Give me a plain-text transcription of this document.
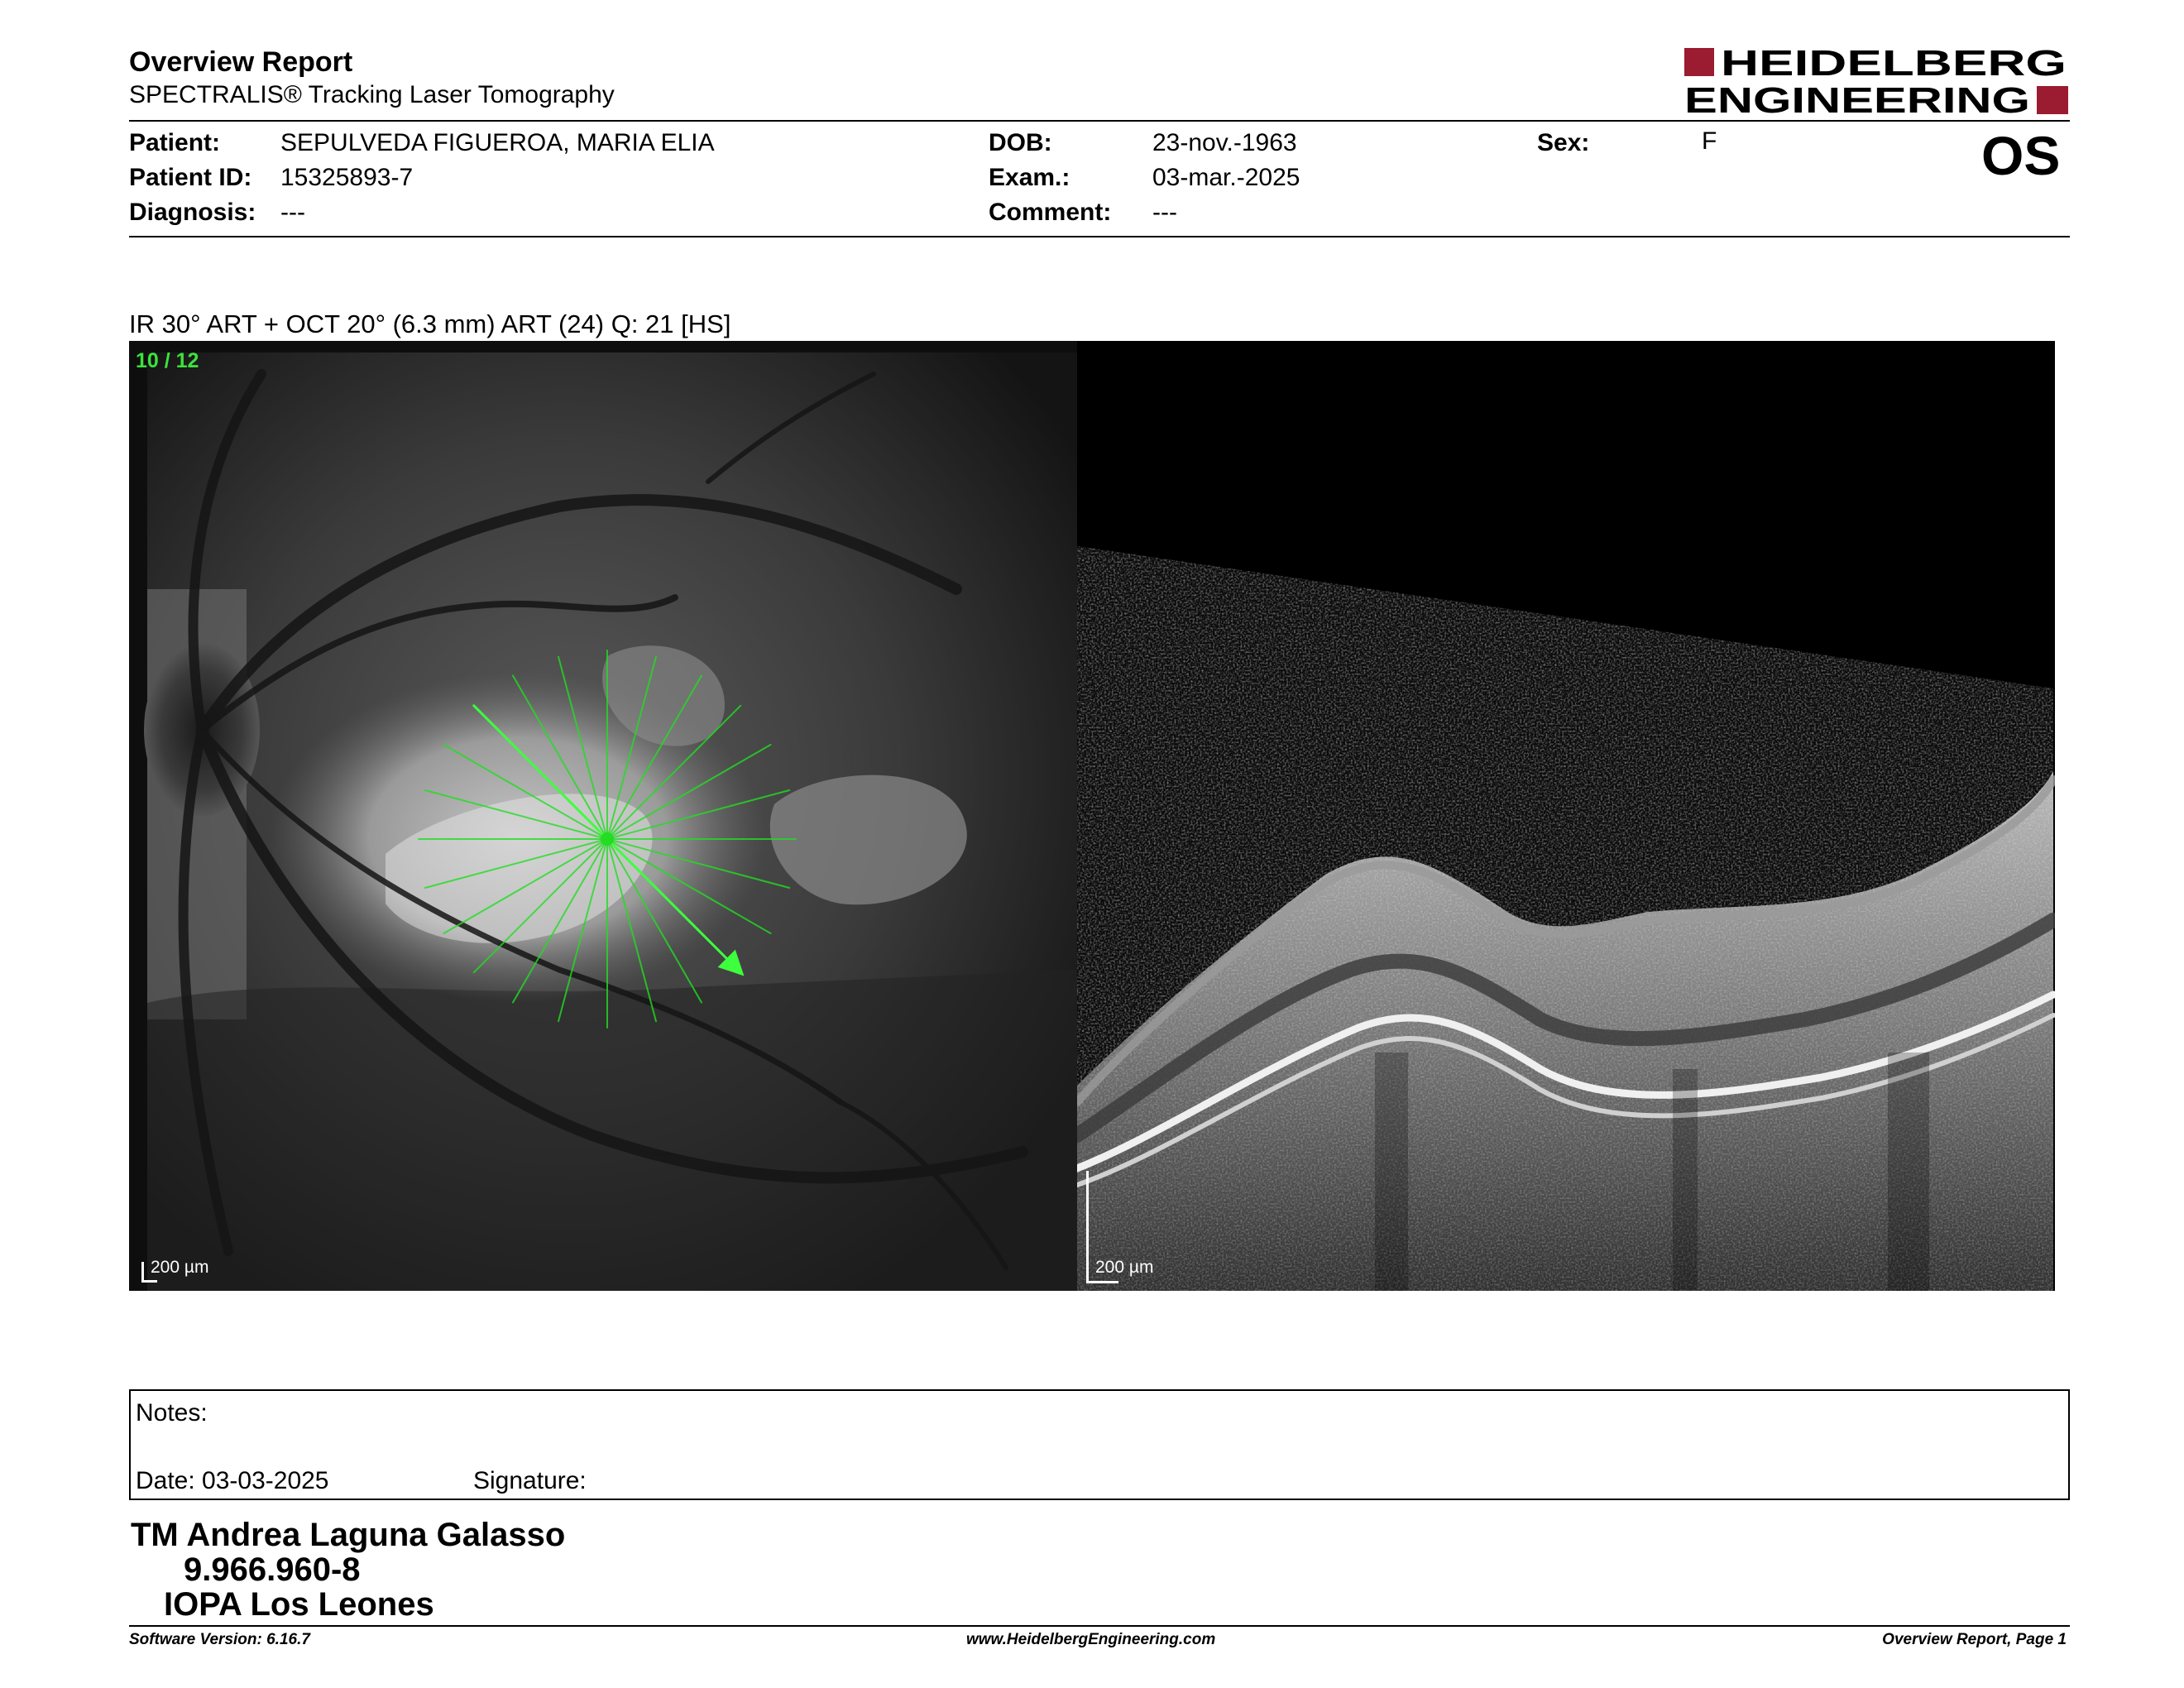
Overview Report
SPECTRALIS® Tracking Laser Tomography
HEIDELBERG
ENGINEERING
Patient: SEPULVEDA FIGUEROA, MARIA ELIA
Patient ID: 15325893-7
Diagnosis: ---
DOB:	23-nov.-1963
Exam.:	03-mar.-2025
Comment: ---
Sex:	F	OS
IR 30° ART + OCT 20° (6.3 mm) ART (24) Q: 21 [HS]
10 / 12
200 µm	200 µm
Notes:
Date: 03-03-2025	Signature:
TM Andrea Laguna Galasso
9.966.960-8
IOPA Los Leones
Software Version: 6.16.7	www.HeidelbergEngineering.com	Overview Report, Page 1
